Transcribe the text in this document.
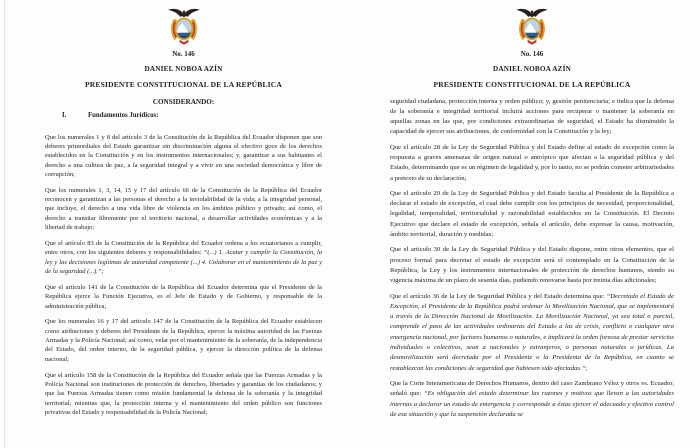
No. 146
DANIEL NOBOA AZÍN
PRESIDENTE CONSTITUCIONAL DE LA REPÚBLICA
CONSIDERANDO:
I.	Fundamentos Jurídicos:

Que los numerales 1 y 8 del artículo 3 de la Constitución de la República del Ecuador disponen que son deberes primordiales del Estado garantizar sin discriminación alguna el efectivo goce de los derechos establecidos en la Constitución y en los instrumentos internacionales; y, garantizar a sus habitantes el derecho a una cultura de paz, a la seguridad integral y a vivir en una sociedad democrática y libre de corrupción;

Que los numerales 1, 3, 14, 15 y 17 del artículo 66 de la Constitución de la República del Ecuador reconocen y garantizan a las personas el derecho a la inviolabilidad de la vida; a la integridad personal, que incluye, el derecho a una vida libre de violencia en los ámbitos público y privado; así como, el derecho a transitar libremente por el territorio nacional, a desarrollar actividades económicas y a la libertad de trabajo;

Que el artículo 83 de la Constitución de la República del Ecuador ordena a los ecuatorianos a cumplir, entre otros, con los siguientes deberes y responsabilidades: “(...) 1. Acatar y cumplir la Constitución, la ley y las decisiones legítimas de autoridad competente (...) 4. Colaborar en el mantenimiento de la paz y de la seguridad (...).”;

Que el artículo 141 de la Constitución de la República del Ecuador determina que el Presidente de la República ejerce la Función Ejecutiva, es el Jefe de Estado y de Gobierno, y responsable de la administración pública;

Que los numerales 16 y 17 del artículo 147 de la Constitución de la República del Ecuador establecen como atribuciones y deberes del Presidente de la República, ejercer la máxima autoridad de las Fuerzas Armadas y la Policía Nacional; así como, velar por el mantenimiento de la soberanía, de la independencia del Estado, del orden interno, de la seguridad pública, y ejercer la dirección política de la defensa nacional;

Que el artículo 158 de la Constitución de la República del Ecuador señala que las Fuerzas Armadas y la Policía Nacional son instituciones de protección de derechos, libertades y garantías de los ciudadanos; y que las Fuerzas Armadas tienen como misión fundamental la defensa de la soberanía y la integridad territorial; mientras que, la protección interna y el mantenimiento del orden público son funciones privativas del Estado y responsabilidad de la Policía Nacional;

No. 146
DANIEL NOBOA AZÍN
PRESIDENTE CONSTITUCIONAL DE LA REPÚBLICA

seguridad ciudadana, protección interna y orden público; y, gestión penitenciaria; e indica que la defensa de la soberanía e integridad territorial incluirá acciones para recuperar o mantener la soberanía en aquellas zonas en las que, por condiciones extraordinarias de seguridad, el Estado ha disminuido la capacidad de ejercer sus atribuciones, de conformidad con la Constitución y la ley;

Que el artículo 28 de la Ley de Seguridad Pública y del Estado define al estado de excepción como la respuesta a graves amenazas de origen natural o antrópico que afectan a la seguridad pública y del Estado, determinando que es un régimen de legalidad y, por lo tanto, no se podrán cometer arbitrariedades a pretexto de su declaración;

Que el artículo 29 de la Ley de Seguridad Pública y del Estado faculta al Presidente de la República a declarar el estado de excepción, el cual debe cumplir con los principios de necesidad, proporcionalidad, legalidad, temporalidad, territorialidad y razonabilidad establecidos en la Constitución. El Decreto Ejecutivo que declare el estado de excepción, señala el artículo, debe expresar la causa, motivación, ámbito territorial, duración y medidas;

Que el artículo 30 de la Ley de Seguridad Pública y del Estado dispone, entre otros elementos, que el proceso formal para decretar el estado de excepción será el contemplado en la Constitución de la República, la Ley y los instrumentos internacionales de protección de derechos humanos, siendo su vigencia máxima de un plazo de sesenta días, pudiendo renovarse hasta por treinta días adicionales;

Que el artículo 36 de la Ley de Seguridad Pública y del Estado determina que: “Decretado el Estado de Excepción, el Presidente de la República podrá ordenar la Movilización Nacional, que se implementará a través de la Dirección Nacional de Movilización. La Movilización Nacional, ya sea total o parcial, comprende el paso de las actividades ordinarias del Estado a las de crisis, conflicto o cualquier otra emergencia nacional, por factores humanos o naturales, e implicará la orden forzosa de prestar servicios individuales o colectivos, sean a nacionales y extranjeros, o personas naturales o jurídicas. La desmovilización será decretada por el Presidente o la Presidenta de la República, en cuanto se restablezcan las condiciones de seguridad que hubiesen sido afectadas.”;

Que la Corte Interamericana de Derechos Humanos, dentro del caso Zambrano Vélez y otros vs. Ecuador, señaló que: “Es obligación del estado determinar las razones y motivos que llevan a las autoridades internas a declarar un estado de emergencia y corresponde a éstas ejercer el adecuado y efectivo control de esa situación y que la suspensión declarada se
